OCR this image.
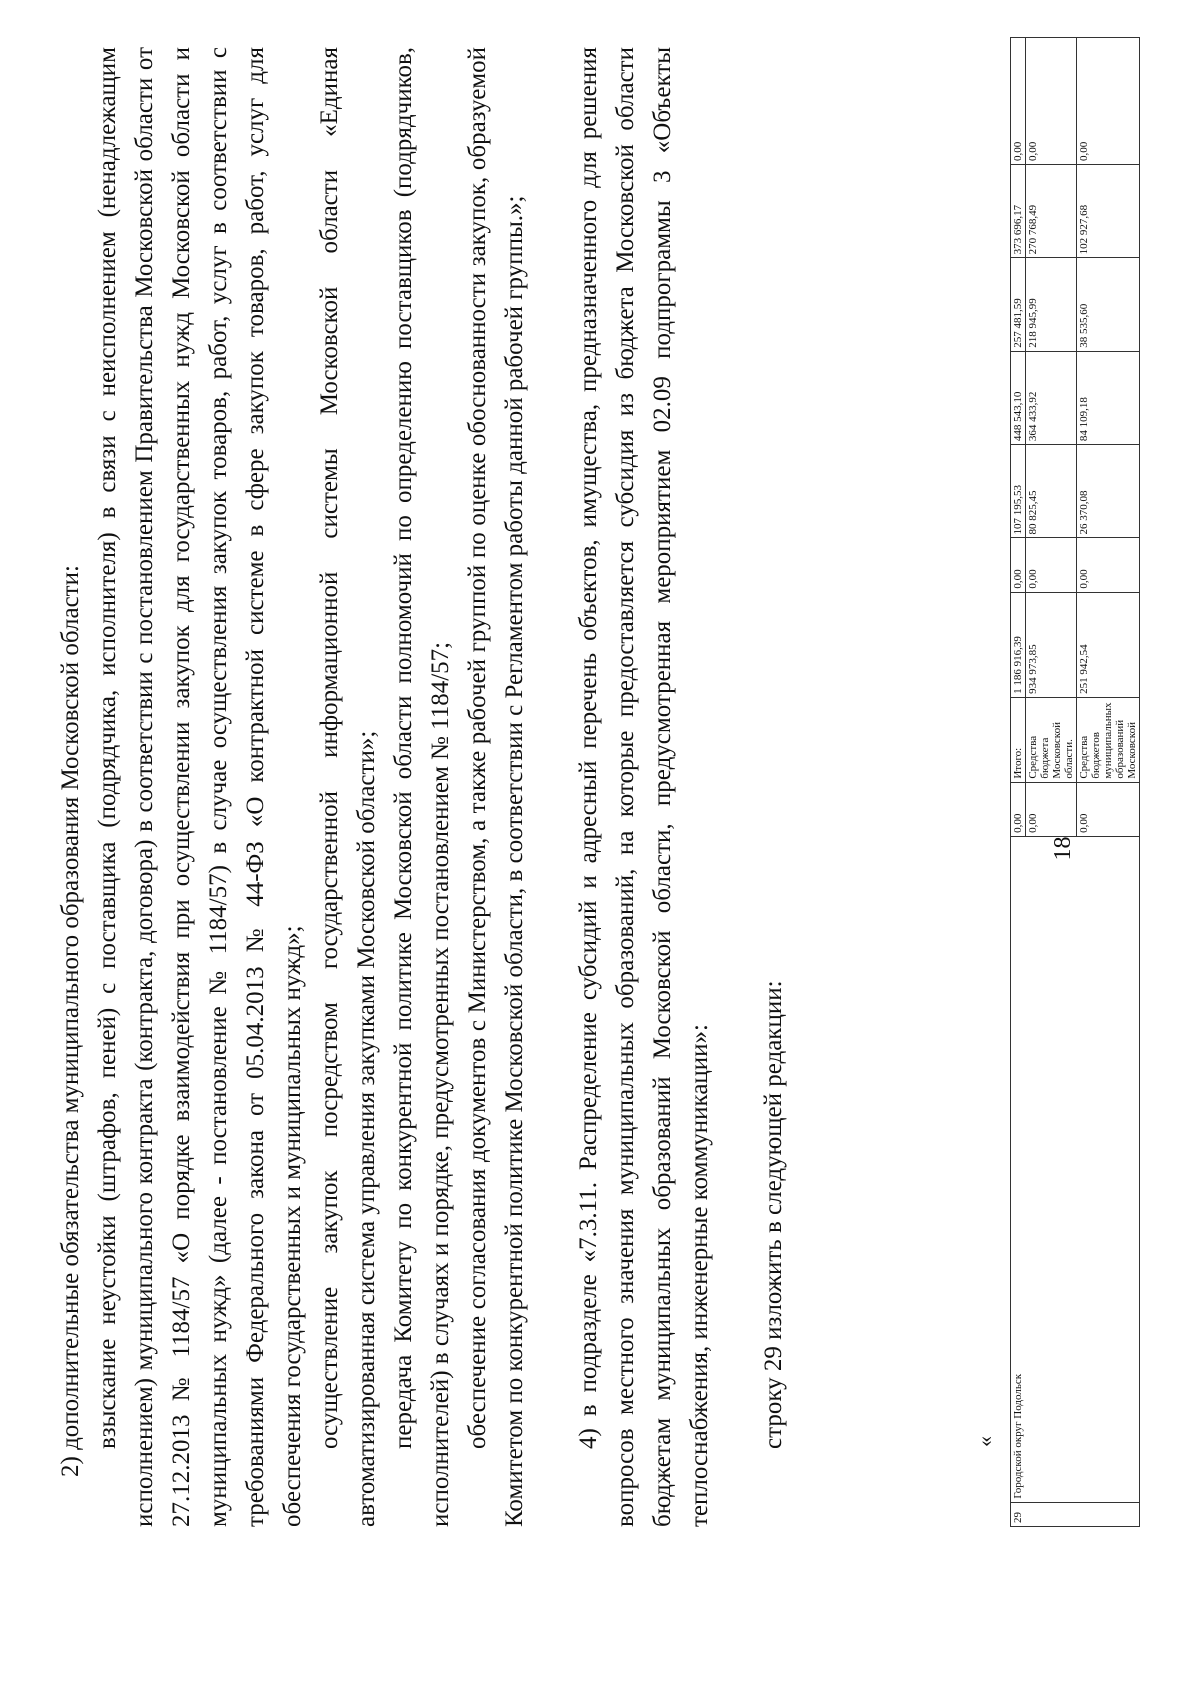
18

2) дополнительные обязательства муниципального образования Московской области: взыскание неустойки (штрафов, пеней) с поставщика (подрядчика, исполнителя) в связи с неисполнением (ненадлежащим исполнением) муниципального контракта (контракта, договора) в соответствии с постановлением Правительства Московской области от 27.12.2013 № 1184/57 «О порядке взаимодействия при осуществлении закупок для государственных нужд Московской области и муниципальных нужд» (далее - постановление № 1184/57) в случае осуществления закупок товаров, работ, услуг в соответствии с требованиями Федерального закона от 05.04.2013 № 44-ФЗ «О контрактной системе в сфере закупок товаров, работ, услуг для обеспечения государственных и муниципальных нужд»; осуществление закупок посредством государственной информационной системы Московской области «Единая автоматизированная система управления закупками Московской области»; передача Комитету по конкурентной политике Московской области полномочий по определению поставщиков (подрядчиков, исполнителей) в случаях и порядке, предусмотренных постановлением № 1184/57; обеспечение согласования документов с Министерством, а также рабочей группой по оценке обоснованности закупок, образуемой Комитетом по конкурентной политике Московской области, в соответствии с Регламентом работы данной рабочей группы.»; 4) в подразделе «7.3.11. Распределение субсидий и адресный перечень объектов, имущества, предназначенного для решения вопросов местного значения муниципальных образований, на которые предоставляется субсидия из бюджета Московской области бюджетам муниципальных образований Московской области, предусмотренная мероприятием 02.09 подпрограммы 3 «Объекты теплоснабжения, инженерные коммуникации»: строку 29 изложить в следующей редакции:	«
29	Городской округ Подольск	0,00	Итого:	1 186 916,39	0,00	107 195,53	448 543,10	257 481,59	373 696,17	0,00
		0,00	Средства бюджета Московской области.	934 973,85	0,00	80 825,45	364 433,92	218 945,99	270 768,49	0,00
		0,00	Средства бюджетов муниципальных образований Московской	251 942,54	0,00	26 370,08	84 109,18	38 535,60	102 927,68	0,00
